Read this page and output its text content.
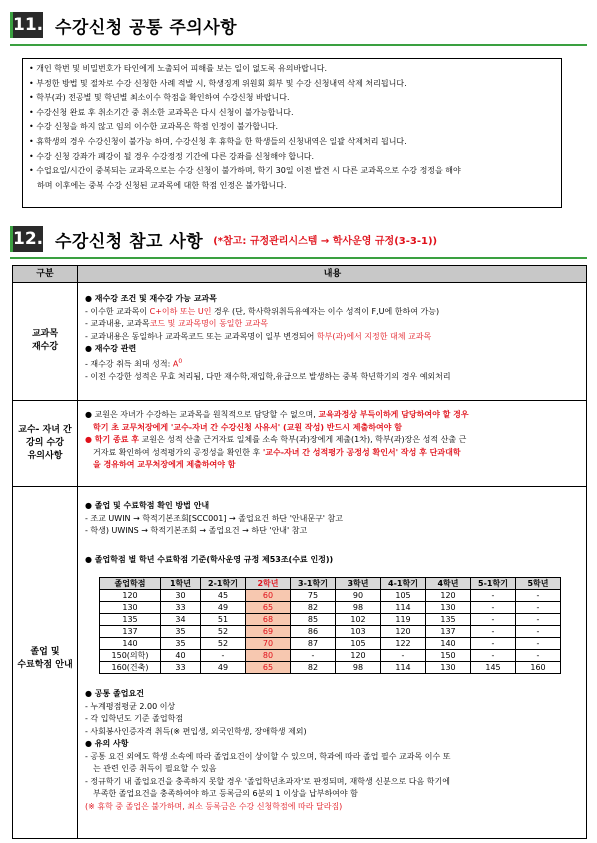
11. 수강신청 공통 주의사항
• 개인 학번 및 비밀번호가 타인에게 노출되어 피해를 보는 일이 없도록 유의바랍니다.
• 부정한 방법 및 절차로 수강 신청한 사례 적발 시, 학생징계 위원회 회부 및 수강 신청내역 삭제 처리됩니다.
• 학부(과) 전공별 및 학년별 최소이수 학점을 확인하여 수강신청 바랍니다.
• 수강신청 완료 후 취소기간 중 취소한 교과목은 다시 신청이 불가능합니다.
• 수강 신청을 하지 않고 임의 이수한 교과목은 학점 인정이 불가합니다.
• 휴학생의 경우 수강신청이 불가능 하며, 수강신청 후 휴학을 한 학생들의 신청내역은 일괄 삭제처리 됩니다.
• 수강 신청 강좌가 폐강이 될 경우 수강정정 기간에 다른 강좌를 신청해야 합니다.
• 수업요일/시간이 중복되는 교과목으로는 수강 신청이 불가하며, 학기 30일 이전 발견 시 다른 교과목으로 수강 정정을 해야
하며 이후에는 중복 수강 신청된 교과목에 대한 학점 인정은 불가합니다.
12. 수강신청 참고 사항 (*참고: 규정관리시스템 → 학사운영 규정(3-3-1))
구분	내용
교과목
재수강
● 재수강 조건 및 재수강 가능 교과목
- 이수한 교과목이 C+이하 또는 U인 경우 (단, 학사학위취득유예자는 이수 성적이 F,U에 한하여 가능)
- 교과내용, 교과목코드 및 교과목명이 동일한 교과목
- 교과내용은 동일하나 교과목코드 또는 교과목명이 일부 변경되어 학부(과)에서 지정한 대체 교과목
● 재수강 관련
- 재수강 취득 최대 성적: $A^0$
- 이전 수강한 성적은 무효 처리됨, 다만 재수학,재입학,유급으로 발생하는 중복 학년학기의 경우 예외처리
교수- 자녀 간
강의 수강
유의사항
● 교원은 자녀가 수강하는 교과목을 원칙적으로 담당할 수 없으며, 교육과정상 부득이하게 담당하여야 할 경우
학기 초 교무처장에게 '교수-자녀 간 수강신청 사유서' (교원 작성) 반드시 제출하여야 함
● 학기 종료 후 교원은 성적 산출 근거자료 일체를 소속 학부(과)장에게 제출(1차), 학부(과)장은 성적 산출 근
거자료 확인하여 성적평가의 공정성을 확인한 후 '교수-자녀 간 성적평가 공정성 확인서' 작성 후 단과대학
을 경유하여 교무처장에게 제출하여야 함
졸업 및
수료학점 안내
● 졸업 및 수료학점 확인 방법 안내
- 조교 UWIN → 학적기본조회[SCC001] → 졸업요건 하단 '안내문구' 참고
- 학생) UWINS → 학적기본조회 → 졸업요건 → 하단 '안내' 참고
● 졸업학점 별 학년 수료학점 기준(학사운영 규정 제53조(수료 인정))
졸업학점	1학년	2-1학기	2학년	3-1학기	3학년	4-1학기	4학년	5-1학기	5학년
120	30	45	60	75	90	105	120	-	-
130	33	49	65	82	98	114	130	-	-
135	34	51	68	85	102	119	135	-	-
137	35	52	69	86	103	120	137	-	-
140	35	52	70	87	105	122	140	-	-
150(의학)	40	-	80	-	120	-	150	-	-
160(건축)	33	49	65	82	98	114	130	145	160
● 공통 졸업요건
- 누계평점평균 2.00 이상
- 각 입학년도 기준 졸업학점
- 사회봉사인증자격 취득(※ 편입생, 외국인학생, 장애학생 제외)
● 유의 사항
- 공통 요건 외에도 학생 소속에 따라 졸업요건이 상이할 수 있으며, 학과에 따라 졸업 필수 교과목 이수 또
는 관련 인증 취득이 필요할 수 있음
- 정규학기 내 졸업요건을 충족하지 못할 경우 '졸업학년초과자'로 판정되며, 재학생 신분으로 다음 학기에
부족한 졸업요건을 충족하여야 하고 등록금의 6분의 1 이상을 납부하여야 함
(※ 휴학 중 졸업은 불가하며, 최소 등록금은 수강 신청학점에 따라 달라짐)
